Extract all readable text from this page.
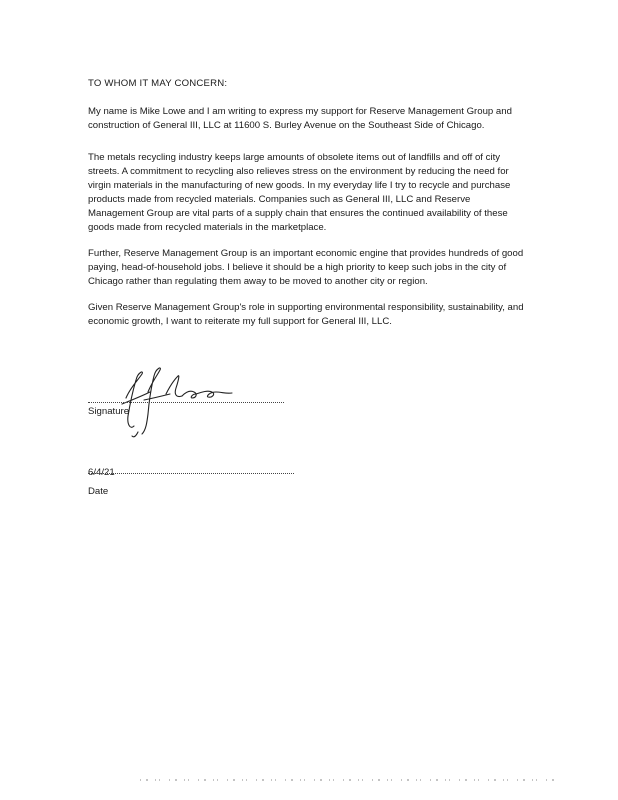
TO WHOM IT MAY CONCERN:

My name is Mike Lowe and I am writing to express my support for Reserve Management Group and construction of General III, LLC at 11600 S. Burley Avenue on the Southeast Side of Chicago.

The metals recycling industry keeps large amounts of obsolete items out of landfills and off of city streets. A commitment to recycling also relieves stress on the environment by reducing the need for virgin materials in the manufacturing of new goods. In my everyday life I try to recycle and purchase products made from recycled materials. Companies such as General III, LLC and Reserve Management Group are vital parts of a supply chain that ensures the continued availability of these goods made from recycled materials in the marketplace.

Further, Reserve Management Group is an important economic engine that provides hundreds of good paying, head-of-household jobs. I believe it should be a high priority to keep such jobs in the city of Chicago rather than regulating them away to be moved to another city or region.

Given Reserve Management Group's role in supporting environmental responsibility, sustainability, and economic growth, I want to reiterate my full support for General III, LLC.

Signature
6/4/21
Date
